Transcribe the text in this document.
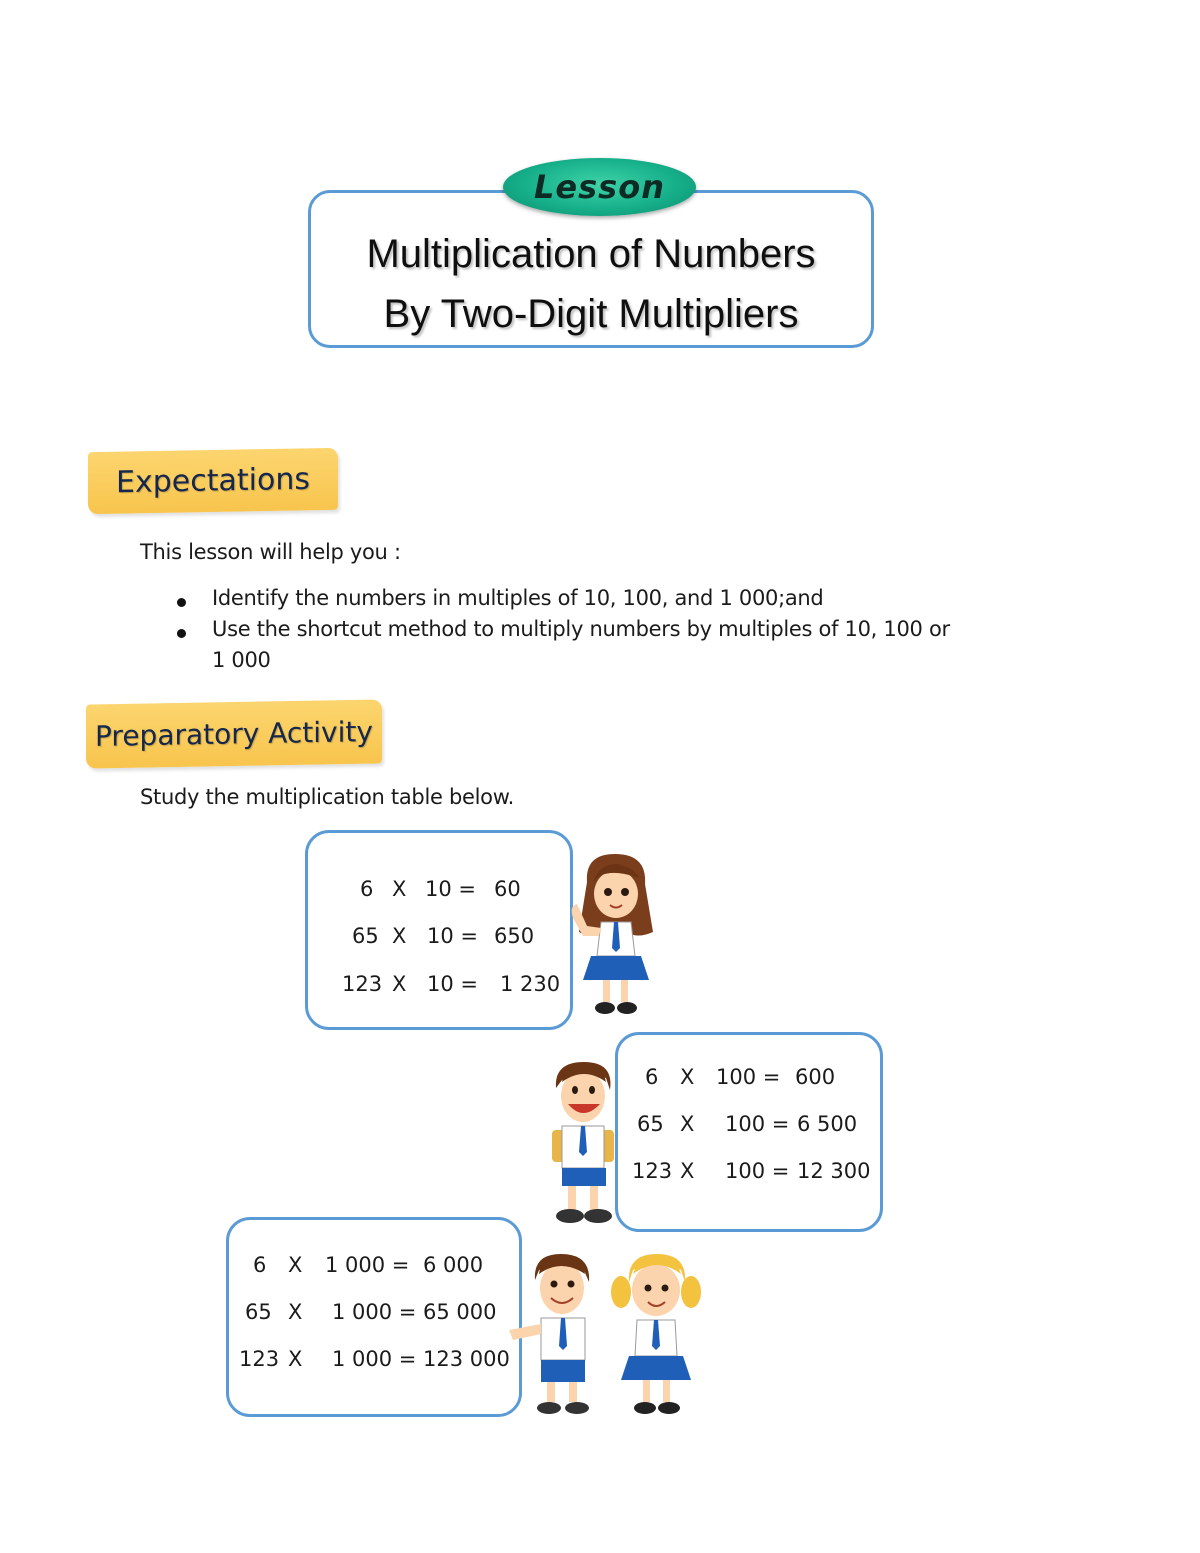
Lesson
Multiplication of Numbers
By Two-Digit Multipliers
Expectations
This lesson will help you :
Identify the numbers in multiples of 10, 100, and 1 000;and
Use the shortcut method to multiply numbers by multiples of 10, 100 or
1 000
Preparatory Activity
Study the multiplication table below.
6 X 10 = 60
65 X 10 = 650
123 X 10 = 1 230
6 X 100 = 600
65 X 100 = 6 500
123 X 100 = 12 300
6 X 1 000 = 6 000
65 X 1 000 = 65 000
123 X 1 000 = 123 000
